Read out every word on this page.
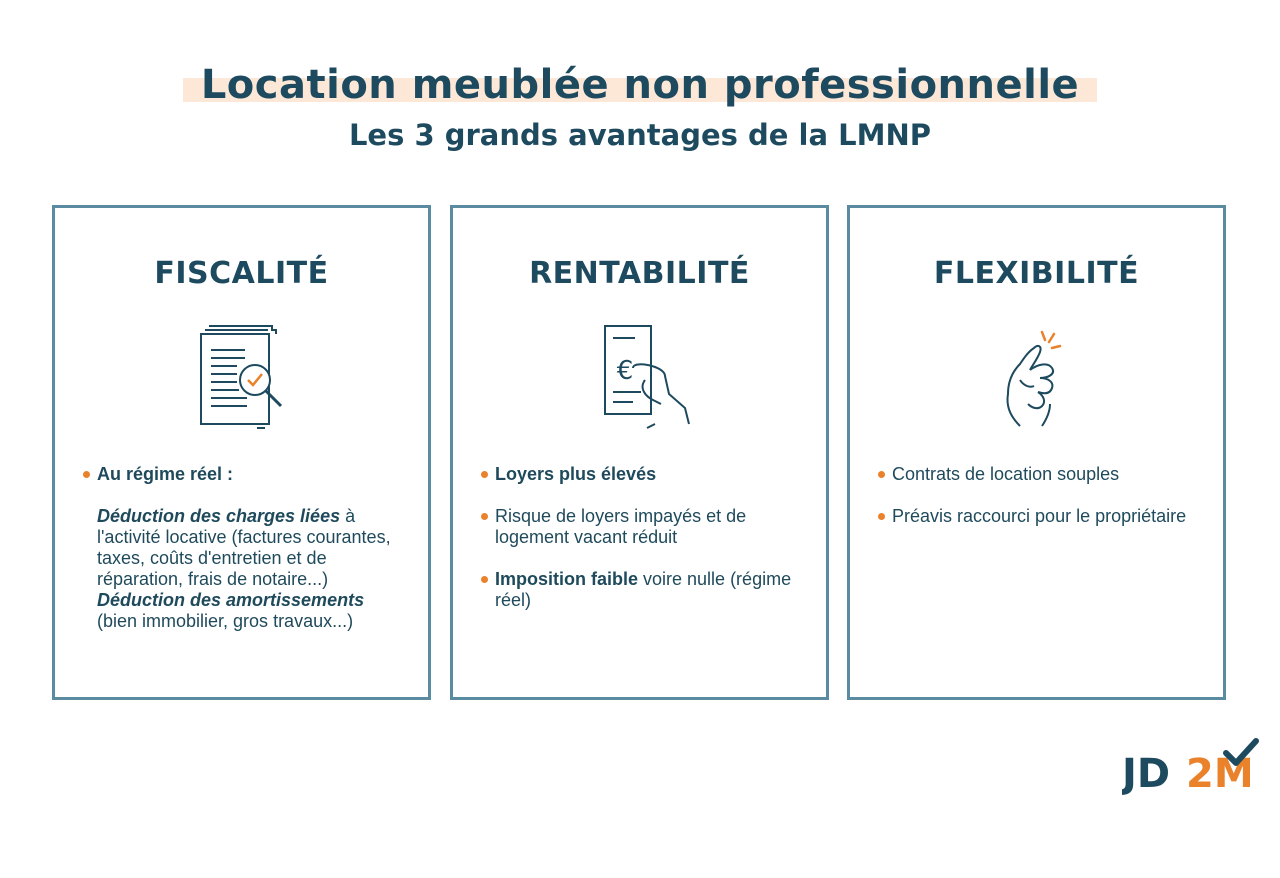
Location meublée non professionnelle
Les 3 grands avantages de la LMNP
FISCALITÉ
Au régime réel :
Déduction des charges liées à l'activité locative (factures courantes, taxes, coûts d'entretien et de réparation, frais de notaire...)
Déduction des amortissements
(bien immobilier, gros travaux...)
RENTABILITÉ
€
Loyers plus élevés
Risque de loyers impayés et de logement vacant réduit
Imposition faible voire nulle (régime réel)
FLEXIBILITÉ
Contrats de location souples
Préavis raccourci pour le propriétaire
JD 2M
